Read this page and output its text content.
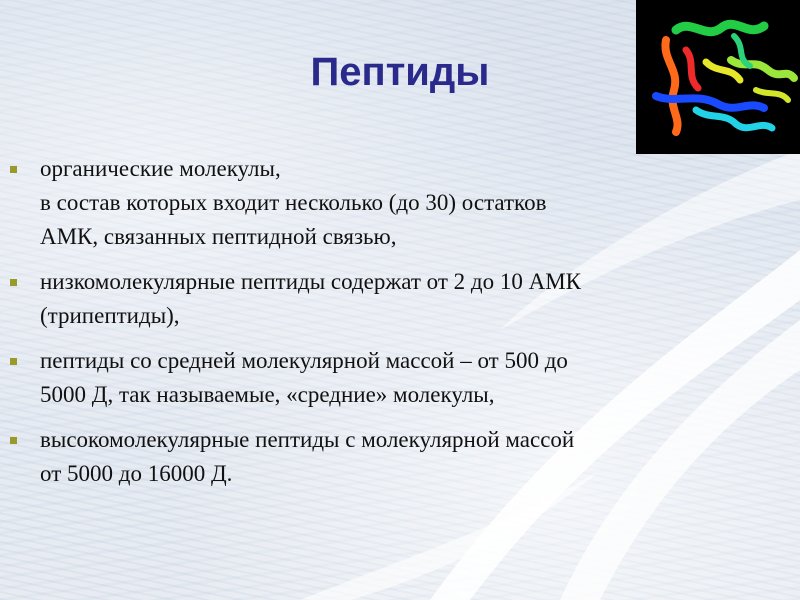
Пептиды
органические молекулы,
в состав которых входит несколько (до 30) остатков
АМК, связанных пептидной связью,
низкомолекулярные пептиды содержат от 2 до 10 АМК
(трипептиды),
пептиды со средней молекулярной массой – от 500 до
5000 Д, так называемые, «средние» молекулы,
высокомолекулярные пептиды с молекулярной массой
от 5000 до 16000 Д.
